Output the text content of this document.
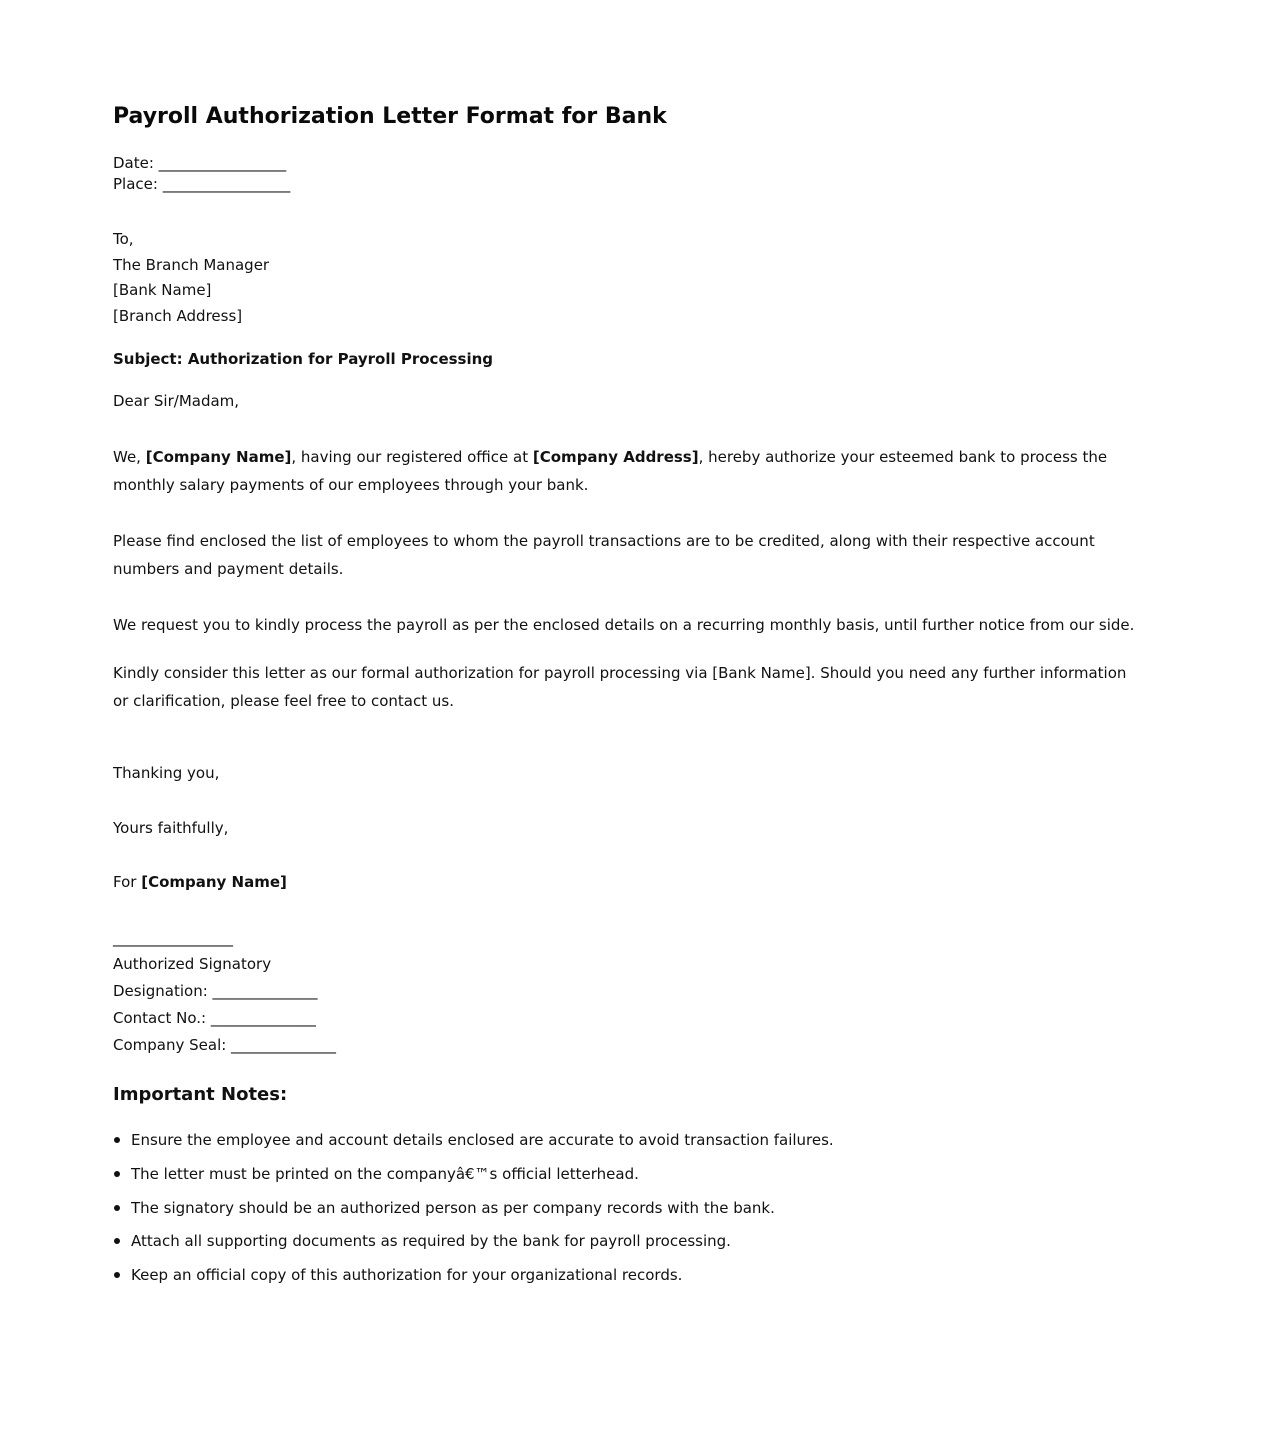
Payroll Authorization Letter Format for Bank
Date: _________________
Place: _________________
To,
The Branch Manager
[Bank Name]
[Branch Address]
Subject: Authorization for Payroll Processing
Dear Sir/Madam,
We, [Company Name], having our registered office at [Company Address], hereby authorize your esteemed bank to process the monthly salary payments of our employees through your bank.
Please find enclosed the list of employees to whom the payroll transactions are to be credited, along with their respective account numbers and payment details.
We request you to kindly process the payroll as per the enclosed details on a recurring monthly basis, until further notice from our side.
Kindly consider this letter as our formal authorization for payroll processing via [Bank Name]. Should you need any further information or clarification, please feel free to contact us.
Thanking you,
Yours faithfully,
For [Company Name]
________________
Authorized Signatory
Designation: ______________
Contact No.: ______________
Company Seal: ______________
Important Notes:
Ensure the employee and account details enclosed are accurate to avoid transaction failures.
The letter must be printed on the companyâ€™s official letterhead.
The signatory should be an authorized person as per company records with the bank.
Attach all supporting documents as required by the bank for payroll processing.
Keep an official copy of this authorization for your organizational records.
